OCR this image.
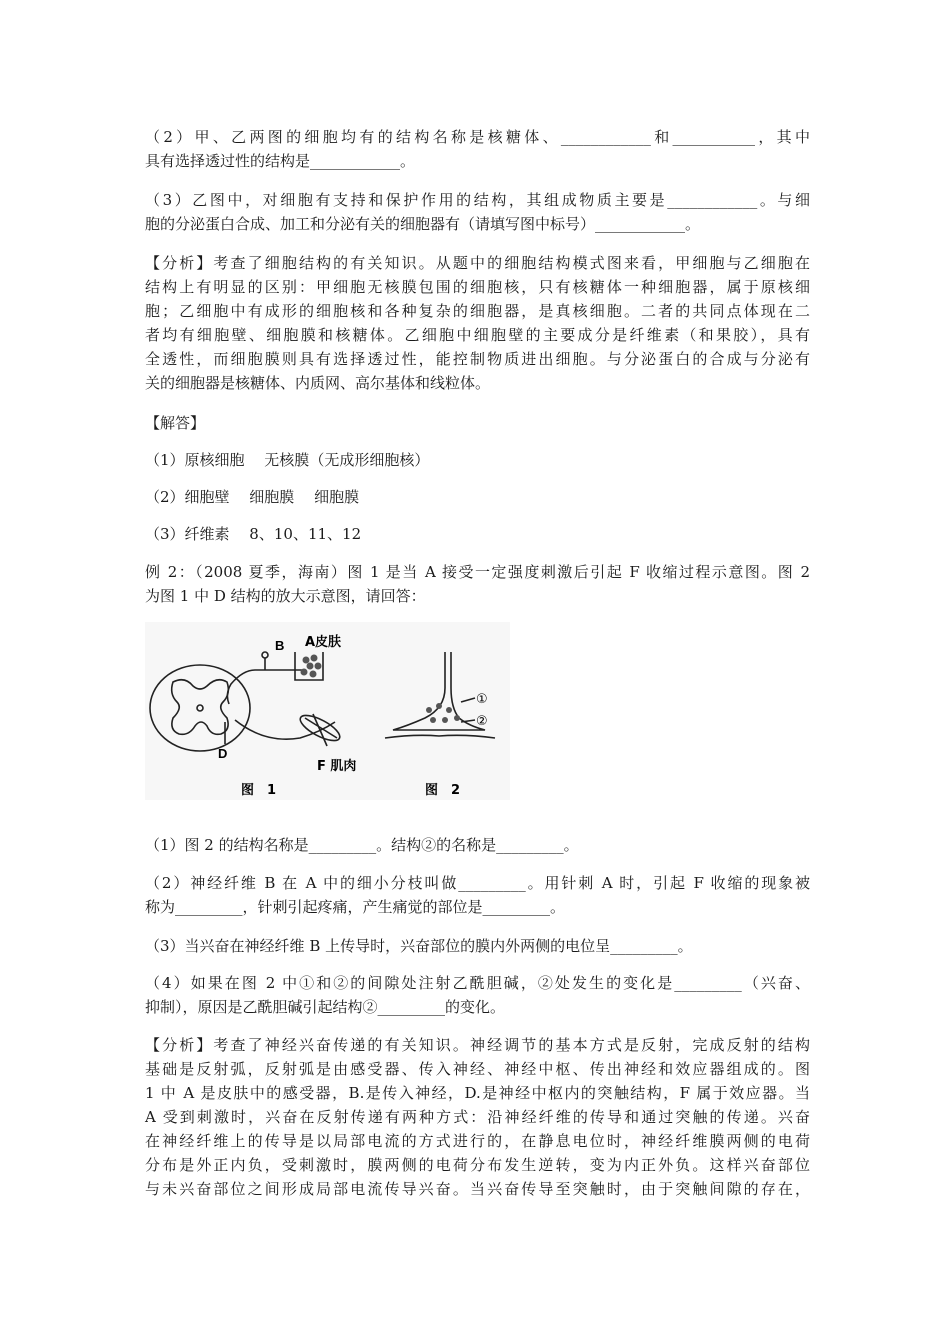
（2）甲、乙两图的细胞均有的结构名称是核糖体、____________和___________，其中
具有选择透过性的结构是____________。
（3）乙图中，对细胞有支持和保护作用的结构，其组成物质主要是____________。与细
胞的分泌蛋白合成、加工和分泌有关的细胞器有（请填写图中标号）____________。
【分析】考查了细胞结构的有关知识。从题中的细胞结构模式图来看，甲细胞与乙细胞在
结构上有明显的区别：甲细胞无核膜包围的细胞核，只有核糖体一种细胞器，属于原核细
胞；乙细胞中有成形的细胞核和各种复杂的细胞器，是真核细胞。二者的共同点体现在二
者均有细胞壁、细胞膜和核糖体。乙细胞中细胞壁的主要成分是纤维素（和果胶），具有
全透性，而细胞膜则具有选择透过性，能控制物质进出细胞。与分泌蛋白的合成与分泌有
关的细胞器是核糖体、内质网、高尔基体和线粒体。
【解答】
（1）原核细胞　 无核膜（无成形细胞核）
（2）细胞壁　 细胞膜　 细胞膜
（3）纤维素　 8、10、11、12
例 2：（2008 夏季，海南）图 1 是当 A 接受一定强度刺激后引起 F 收缩过程示意图。图 2
为图 1 中 D 结构的放大示意图，请回答：
B A皮肤
D
F 肌肉
图　1	图　2
①
②
（1）图 2 的结构名称是_________。结构②的名称是_________。
（2）神经纤维 B 在 A 中的细小分枝叫做_________。用针刺 A 时，引起 F 收缩的现象被
称为_________，针刺引起疼痛，产生痛觉的部位是_________。
（3）当兴奋在神经纤维 B 上传导时，兴奋部位的膜内外两侧的电位呈_________。
（4）如果在图 2 中①和②的间隙处注射乙酰胆碱，②处发生的变化是_________（兴奋、
抑制），原因是乙酰胆碱引起结构②_________的变化。
【分析】考查了神经兴奋传递的有关知识。神经调节的基本方式是反射，完成反射的结构
基础是反射弧，反射弧是由感受器、传入神经、神经中枢、传出神经和效应器组成的。图
1 中 A 是皮肤中的感受器，B.是传入神经，D.是神经中枢内的突触结构，F 属于效应器。当
A 受到刺激时，兴奋在反射传递有两种方式：沿神经纤维的传导和通过突触的传递。兴奋
在神经纤维上的传导是以局部电流的方式进行的，在静息电位时，神经纤维膜两侧的电荷
分布是外正内负，受刺激时，膜两侧的电荷分布发生逆转，变为内正外负。这样兴奋部位
与未兴奋部位之间形成局部电流传导兴奋。当兴奋传导至突触时，由于突触间隙的存在，
